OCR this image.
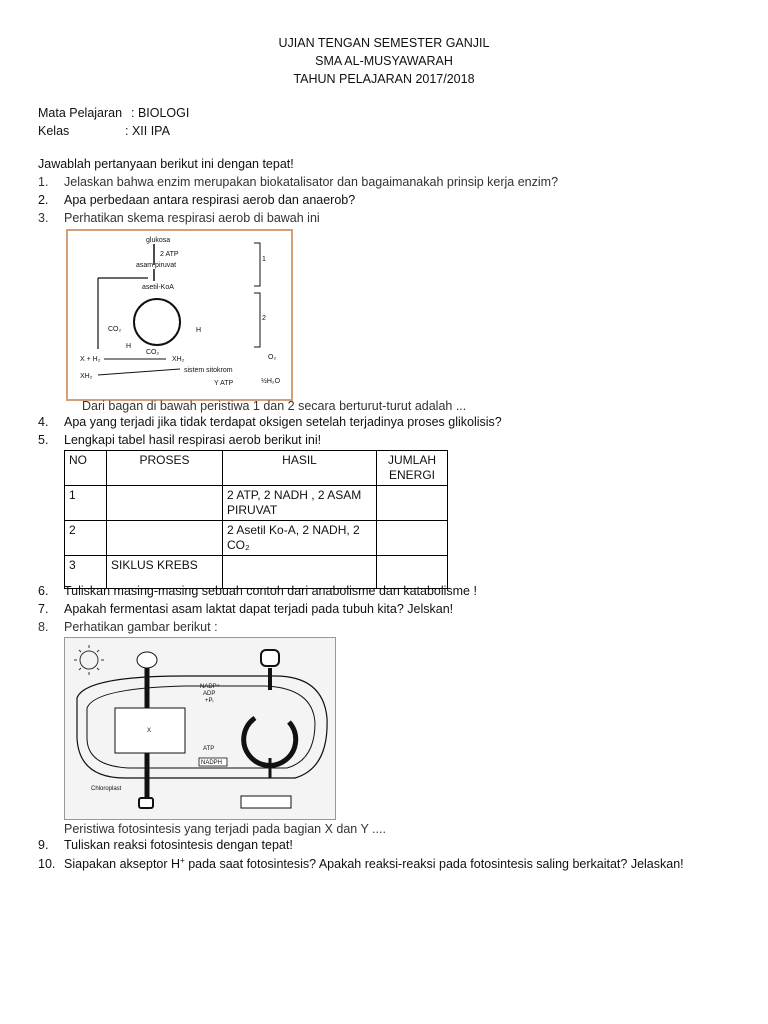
UJIAN TENGAN SEMESTER GANJIL
SMA AL-MUSYAWARAH
TAHUN PELAJARAN 2017/2018
Mata Pelajaran : BIOLOGI
Kelas	: XII IPA
Jawablah pertanyaan berikut ini dengan tepat!
1. Jelaskan bahwa enzim merupakan biokatalisator dan bagaimanakah prinsip kerja enzim?
2. Apa perbedaan antara respirasi aerob dan anaerob?
3. Perhatikan skema respirasi aerob di bawah ini
glukosa
2 ATP
asam piruvat
asetil-KoA
CO₂	H
H
CO₂
X + H₂	XH₂
XH₂
sistem sitokrom
Y ATP
O₂
½H₂O
1
2
Dari bagan di bawah peristiwa 1 dan 2 secara berturut-turut adalah ...
4. Apa yang terjadi jika tidak terdapat oksigen setelah terjadinya proses glikolisis?
5. Lengkapi tabel hasil respirasi aerob berikut ini!
NO	PROSES	HASIL	JUMLAH ENERGI
1		2 ATP, 2 NADH , 2 ASAM PIRUVAT	
2		2 Asetil Ko-A, 2 NADH, 2 CO₂	
3	SIKLUS KREBS		
6. Tuliskan masing-masing sebuah contoh dari anabolisme dan katabolisme !
7. Apakah fermentasi asam laktat dapat terjadi pada tubuh kita? Jelskan!
8. Perhatikan gambar berikut :
X
NADP⁺
ADP
+Pᵢ
ATP
NADPH
Chloroplast
Peristiwa fotosintesis yang terjadi pada bagian X dan Y ....
9. Tuliskan reaksi fotosintesis dengan tepat!
10. Siapakan akseptor H+ pada saat fotosintesis? Apakah reaksi-reaksi pada fotosintesis saling berkaitat? Jelaskan!
